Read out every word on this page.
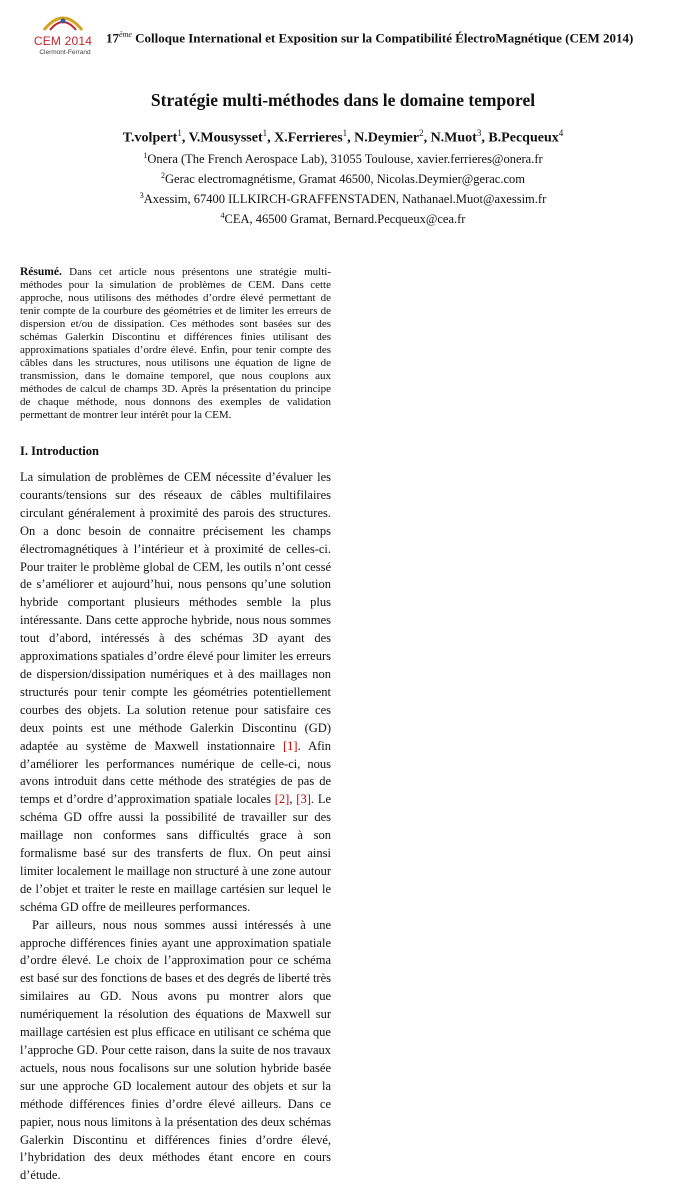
CEM 2014
Clermont-Ferrand
17ème Colloque International et Exposition sur la Compatibilité ÉlectroMagnétique (CEM 2014)
Stratégie multi-méthodes dans le domaine temporel
T.volpert$^1$, V.Mousysset$^1$, X.Ferrieres$^1$, N.Deymier$^2$, N.Muot$^3$, B.Pecqueux$^4$
$^1$Onera (The French Aerospace Lab), 31055 Toulouse, xavier.ferrieres@onera.fr
$^2$Gerac electromagnétisme, Gramat 46500, Nicolas.Deymier@gerac.com
$^3$Axessim, 67400 ILLKIRCH-GRAFFENSTADEN, Nathanael.Muot@axessim.fr
$^4$CEA, 46500 Gramat, Bernard.Pecqueux@cea.fr

Résumé. Dans cet article nous présentons une stratégie multi-méthodes pour la simulation de problèmes de CEM. Dans cette approche, nous utilisons des méthodes d’ordre élevé permettant de tenir compte de la courbure des géométries et de limiter les erreurs de dispersion et/ou de dissipation. Ces méthodes sont basées sur des schémas Galerkin Discontinu et différences finies utilisant des approximations spatiales d’ordre élevé. Enfin, pour tenir compte des câbles dans les structures, nous utilisons une équation de ligne de transmission, dans le domaine temporel, que nous couplons aux méthodes de calcul de champs 3D. Après la présentation du principe de chaque méthode, nous donnons des exemples de validation permettant de montrer leur intérêt pour la CEM.

I. Introduction

La simulation de problèmes de CEM nécessite d’évaluer les courants/tensions sur des réseaux de câbles multifilaires circulant généralement à proximité des parois des structures. On a donc besoin de connaitre précisement les champs électromagnétiques à l’intérieur et à proximité de celles-ci. Pour traiter le problème global de CEM, les outils n’ont cessé de s’améliorer et aujourd’hui, nous pensons qu’une solution hybride comportant plusieurs méthodes semble la plus intéressante. Dans cette approche hybride, nous nous sommes tout d’abord, intéressés à des schémas 3D ayant des approximations spatiales d’ordre élevé pour limiter les erreurs de dispersion/dissipation numériques et à des maillages non structurés pour tenir compte les géométries potentiellement courbes des objets. La solution retenue pour satisfaire ces deux points est une méthode Galerkin Discontinu (GD) adaptée au système de Maxwell instationnaire [1]. Afin d’améliorer les performances numérique de celle-ci, nous avons introduit dans cette méthode des stratégies de pas de temps et d’ordre d’approximation spatiale locales [2], [3]. Le schéma GD offre aussi la possibilité de travailler sur des maillage non conformes sans difficultés grace à son formalisme basé sur des transferts de flux. On peut ainsi limiter localement le maillage non structuré à une zone autour de l’objet et traiter le reste en maillage cartésien sur lequel le schéma GD offre de meilleures performances.

Par ailleurs, nous nous sommes aussi intéressés à une approche différences finies ayant une approximation spatiale d’ordre élevé. Le choix de l’approximation pour ce schéma est basé sur des fonctions de bases et des degrés de liberté très similaires au GD. Nous avons pu montrer alors que numériquement la résolution des équations de Maxwell sur maillage cartésien est plus efficace en utilisant ce schéma que l’approche GD. Pour cette raison, dans la suite de nos travaux actuels, nous nous focalisons sur une solution hybride basée sur une approche GD localement autour des objets et sur la méthode différences finies d’ordre élevé ailleurs. Dans ce papier, nous nous limitons à la présentation des deux schémas Galerkin Discontinu et différences finies d’ordre élevé, l’hybridation des deux méthodes étant encore en cours d’étude.
